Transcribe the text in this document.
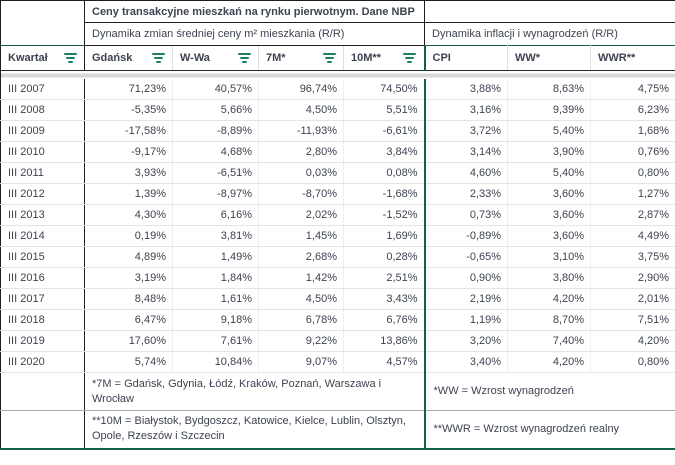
	Ceny transakcyjne mieszkań na rynku pierwotnym. Dane NBP						
	Dynamika zmian średniej ceny m² mieszkania (R/R)				Dynamika inflacji i wynagrodzeń (R/R)		
Kwartał	Gdańsk	W-Wa	7M*	10M**	CPI	WW*	WWR**

III 2007	71,23%	40,57%	96,74%	74,50%	3,88%	8,63%	4,75%
III 2008	-5,35%	5,66%	4,50%	5,51%	3,16%	9,39%	6,23%
III 2009	-17,58%	-8,89%	-11,93%	-6,61%	3,72%	5,40%	1,68%
III 2010	-9,17%	4,68%	2,80%	3,84%	3,14%	3,90%	0,76%
III 2011	3,93%	-6,51%	0,03%	0,08%	4,60%	5,40%	0,80%
III 2012	1,39%	-8,97%	-8,70%	-1,68%	2,33%	3,60%	1,27%
III 2013	4,30%	6,16%	2,02%	-1,52%	0,73%	3,60%	2,87%
III 2014	0,19%	3,81%	1,45%	1,69%	-0,89%	3,60%	4,49%
III 2015	4,89%	1,49%	2,68%	0,28%	-0,65%	3,10%	3,75%
III 2016	3,19%	1,84%	1,42%	2,51%	0,90%	3,80%	2,90%
III 2017	8,48%	1,61%	4,50%	3,43%	2,19%	4,20%	2,01%
III 2018	6,47%	9,18%	6,78%	6,76%	1,19%	8,70%	7,51%
III 2019	17,60%	7,61%	9,22%	13,86%	3,20%	7,40%	4,20%
III 2020	5,74%	10,84%	9,07%	4,57%	3,40%	4,20%	0,80%
	*7M = Gdańsk, Gdynia, Łódź, Kraków, Poznań, Warszawa i Wrocław				*WW = Wzrost wynagrodzeń		
	**10M = Białystok, Bydgoszcz, Katowice, Kielce, Lublin, Olsztyn, Opole, Rzeszów i Szczecin				**WWR = Wzrost wynagrodzeń realny		
